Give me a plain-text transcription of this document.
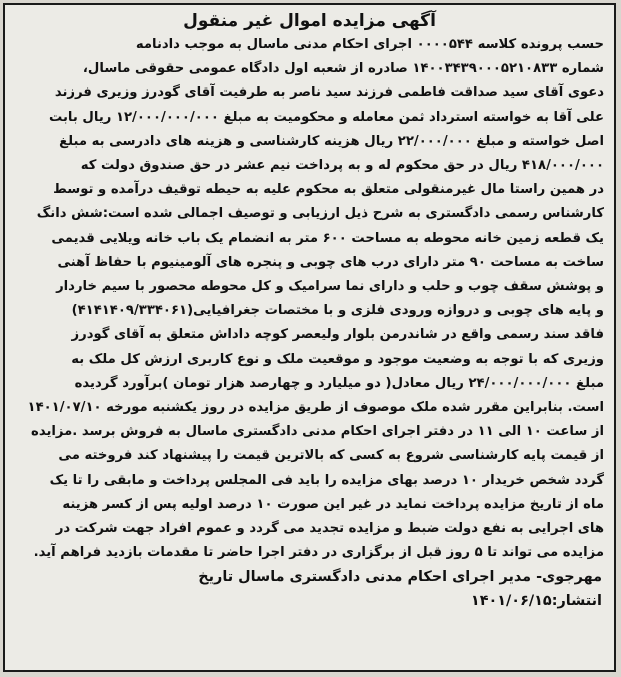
آگهی مزایده اموال غیر منقول
حسب پرونده کلاسه ۰۰۰۰۵۴۴ اجرای احکام مدنی ماسال به موجب دادنامه
شماره ۱۴۰۰۳۴۳۹۰۰۰۵۲۱۰۸۳۳ صادره از شعبه اول دادگاه عمومی حقوقی ماسال،
دعوی آقای سید صداقت فاطمی فرزند سید ناصر به طرفیت آقای گودرز وزیری فرزند
علی آقا به خواسته استرداد ثمن معامله و محکومیت به مبلغ ۱۲/۰۰۰/۰۰۰/۰۰۰ ریال بابت
اصل خواسته و مبلغ ۲۲/۰۰۰/۰۰۰ ریال هزینه کارشناسی و هزینه های دادرسی به مبلغ
۴۱۸/۰۰۰/۰۰۰ ریال در حق محکوم له و به پرداخت نیم عشر در حق صندوق دولت که
در همین راستا مال غیرمنقولی متعلق به محکوم علیه به حیطه توقیف درآمده و توسط
کارشناس رسمی دادگستری به شرح ذیل ارزیابی و توصیف اجمالی شده است:شش دانگ
یک قطعه زمین خانه محوطه به مساحت ۶۰۰ متر به انضمام یک باب خانه ویلایی قدیمی
ساخت به مساحت ۹۰ متر دارای درب های چوبی و پنجره های آلومینیوم با حفاظ آهنی
و پوشش سقف چوب و حلب و دارای نما سرامیک و کل محوطه محصور با سیم خاردار
و پایه های چوبی و دروازه ورودی فلزی و با مختصات جغرافیایی(۴۱۴۱۴۰۹/۳۳۴۰۶۱)
فاقد سند رسمی واقع در شاندرمن بلوار ولیعصر کوچه داداش متعلق به آقای گودرز
وزیری که با توجه به وضعیت موجود و موقعیت ملک و نوع کاربری ارزش کل ملک به
مبلغ ۲۴/۰۰۰/۰۰۰/۰۰۰ ریال معادل( دو میلیارد و چهارصد هزار تومان )برآورد گردیده
است. بنابراین مقرر شده ملک موصوف از طریق مزایده در روز یکشنبه مورخه ۱۴۰۱/۰۷/۱۰
از ساعت ۱۰ الی ۱۱ در دفتر اجرای احکام مدنی دادگستری ماسال به فروش برسد .مزایده
از قیمت پایه کارشناسی شروع به کسی که بالاترین قیمت را پیشنهاد کند فروخته می
گردد شخص خریدار ۱۰ درصد بهای مزایده را باید فی المجلس پرداخت و مابقی را تا یک
ماه از تاریخ مزایده پرداخت نماید در غیر این صورت ۱۰ درصد اولیه پس از کسر هزینه
های اجرایی به نفع دولت ضبط و مزایده تجدید می گردد و عموم افراد جهت شرکت در
مزایده می تواند تا ۵ روز قبل از برگزاری در دفتر اجرا حاضر تا مقدمات بازدید فراهم آید.
مهرجوی- مدیر اجرای احکام مدنی دادگستری ماسال تاریخ
انتشار:۱۴۰۱/۰۶/۱۵
